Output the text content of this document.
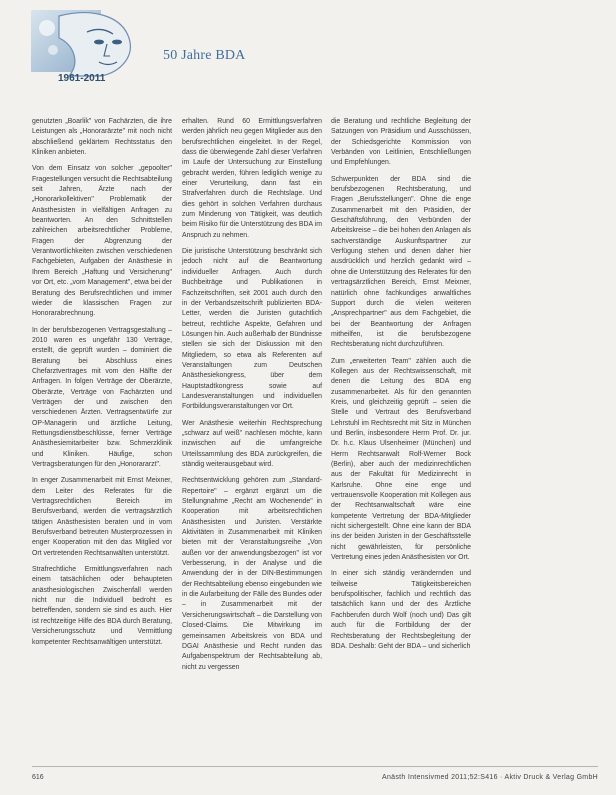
50 Jahre BDA
1961-2011

genutzten „Boarlik" von Fachärzten, die ihre Leistungen als „Honorarärzte" mit noch nicht abschließend geklärtem Rechtsstatus den Kliniken anbieten.

Von dem Einsatz von solcher „gepoolter" Fragestellungen versucht die Rechtsabteilung seit Jahren, Ärzte nach der „Honorarkollektiven" Problematik der Anästhesisten in vielfältigen Anfragen zu beantworten. An den Schnittstellen zahlreichen arbeitsrechtlicher Probleme, Fragen der Abgrenzung der Verantwortlichkeiten zwischen verschiedenen Fachgebieten, Aufgaben der Anästhesie in Ihrem Bereich „Haftung und Versicherung" vor Ort, etc. „vom Management", etwa bei der Beratung des Berufsrechtlichen und immer wieder die klassischen Fragen zur Honorarabrechnung.

In der berufsbezogenen Vertragsgestaltung – 2010 waren es ungefähr 130 Verträge, erstellt, die geprüft wurden – dominiert die Beratung bei Abschluss eines Chefarztvertrages mit vom den Hälfte der Anfragen. In folgen Verträge der Oberärzte, Oberärzte, Verträge von Fachärzten und Verträgen der und zwischen den verschiedenen Ärzten. Vertragsentwürfe zur OP-Managerin und ärztliche Leitung, Rettungsdienstbeschlüsse, ferner Verträge Anästhesiemitarbeiter bzw. Schmerzklinik und Kliniken. Häufige, schon Vertragsberatungen für den „Honorararzt".

In enger Zusammenarbeit mit Ernst Meixner, dem Leiter des Referates für die Vertragsrechtlichen Bereich im Berufsverband, werden die vertragsärztlich tätigen Anästhesisten beraten und in vom Berufsverband betreuten Musterprozessen in enger Kooperation mit den das Mitglied vor Ort vertretenden Rechtsanwälten unterstützt.

Strafrechtliche Ermittlungsverfahren nach einem tatsächlichen oder behaupteten anästhesiologischen Zwischenfall werden nicht nur die Individuell bedroht es betreffenden, sondern sie sind es auch. Hier ist rechtzeitige Hilfe des BDA durch Beratung, Versicherungsschutz und Vermittlung kompetenter Rechtsanwältigen unterstützt.

erhalten. Rund 60 Ermittlungsverfahren werden jährlich neu gegen Mitglieder aus den berufsrechtlichen eingeleitet. In der Regel, dass die überwiegende Zahl dieser Verfahren im Laufe der Untersuchung zur Einstellung gebracht werden, führen lediglich wenige zu einer Verurteilung, dann fast ein Strafverfahren durch die Rechtslage. Und dies gehört in solchen Verfahren durchaus zum Minderung von Tätigkeit, was deutlich beim Risiko für die Unterstützung des BDA im Anspruch zu nehmen.

Die juristische Unterstützung beschränkt sich jedoch nicht auf die Beantwortung individueller Anfragen. Auch durch Buchbeiträge und Publikationen in Fachzeitschriften, seit 2001 auch durch den in der Verbandszeitschrift publizierten BDA-Letter, werden die Juristen gutachtlich betreut, rechtliche Aspekte, Gefahren und Lösungen hin. Auch außerhalb der Bündnisse stellen sie sich der Diskussion mit den Mitgliedern, so etwa als Referenten auf Veranstaltungen zum Deutschen Anästhesiekongress, über dem Hauptstadtkongress sowie auf Landesveranstaltungen und individuellen Fortbildungsveranstaltungen vor Ort.

Wer Anästhesie weiterhin Rechtsprechung „schwarz auf weiß" nachlesen möchte, kann inzwischen auf die umfangreiche Urteilssammlung des BDA zurückgreifen, die ständig weiterausgebaut wird.

Rechtsentwicklung gehören zum „Standard-Repertoire" – ergänzt ergänzt um die Stellungnahme „Recht am Wochenende" in Kooperation mit arbeitsrechtlichen Anästhesisten und Juristen. Verstärkte Aktivitäten in Zusammenarbeit mit Kliniken bieten mit der Veranstaltungsreihe „Von außen vor der anwendungsbezogen" ist vor Verbesserung, in der Analyse und die Anwendung der in der DIN-Bestimmungen der Rechtsabteilung ebenso eingebunden wie in die Aufarbeitung der Fälle des Bundes oder – in Zusammenarbeit mit der Versicherungswirtschaft – die Darstellung von Closed-Claims. Die Mitwirkung im gemeinsamen Arbeitskreis von BDA und DGAI Anästhesie und Recht runden das Aufgabenspektrum der Rechtsabteilung ab, nicht zu vergessen

die Beratung und rechtliche Begleitung der Satzungen von Präsidium und Ausschüssen, der Schiedsgerichte Kommission von Verbänden von Leitlinien, Entschließungen und Empfehlungen.

Schwerpunkten der BDA sind die berufsbezogenen Rechtsberatung, und Fragen „Berufsstellungen". Ohne die enge Zusammenarbeit mit den Präsidien, der Geschäftsführung, den Verbünden der Arbeitskreise – die bei hohen den Anlagen als sachverständige Auskunftspartner zur Verfügung stehen und denen daher hier ausdrücklich und herzlich gedankt wird – ohne die Unterstützung des Referates für den vertragsärztlichen Bereich, Ernst Meixner, natürlich ohne fachkundiges anwaltliches Support durch die vielen weiteren „Ansprechpartner" aus dem Fachgebiet, die bei der Beantwortung der Anfragen mitheilfen, ist die berufsbezogene Rechtsberatung nicht durchzuführen.

Zum „erweiterten Team" zählen auch die Kollegen aus der Rechtswissenschaft, mit denen die Leitung des BDA eng zusammenarbeitet. Als für den genannten Kreis, und gleichzeitig geprüft – seien die Stelle und Vertraut des Berufsverband Lehrstuhl im Rechtsrecht mit Sitz in München und Berlin, insbesondere Herrn Prof. Dr. jur. Dr. h.c. Klaus Ulsenheimer (München) und Herrn Rechtsanwalt Rolf-Werner Bock (Berlin), aber auch der medizinrechtlichen aus der Fakultät für Medizinrecht in Karlsruhe. Ohne eine enge und vertrauensvolle Kooperation mit Kollegen aus der Rechtsanwaltschaft wäre eine kompetente Vertretung der BDA-Mitglieder nicht sichergestellt. Ohne eine kann der BDA ins der beiden Juristen in der Geschäftsstelle nicht gewährleisten, für persönliche Vertretung eines jeden Anästhesisten vor Ort.

In einer sich ständig verändernden und teilweise Tätigkeitsbereichen berufspolitischer, fachlich und rechtlich das tatsächlich kann und der des Ärztliche Fachberufen durch Wolf (noch und) Das gilt auch für die Fortbildung der der Rechtsberatung der Rechtsbegleitung der BDA. Deshalb: Geht der BDA – und sicherlich

616	Anästh Intensivmed 2011;52:S416 · Aktiv Druck & Verlag GmbH
